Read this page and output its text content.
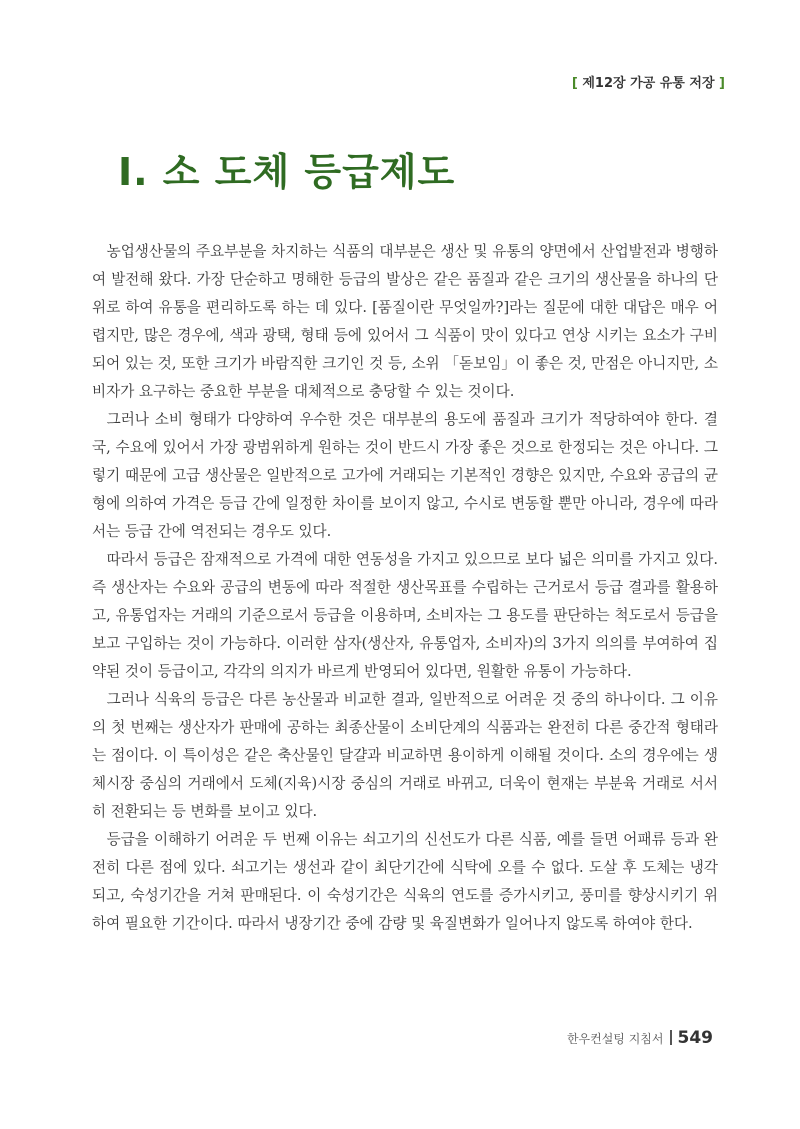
[ 제12장 가공 유통 저장 ]
Ⅰ. 소 도체 등급제도

농업생산물의 주요부분을 차지하는 식품의 대부분은 생산 및 유통의 양면에서 산업발전과 병행하여 발전해 왔다. 가장 단순하고 명해한 등급의 발상은 같은 품질과 같은 크기의 생산물을 하나의 단위로 하여 유통을 편리하도록 하는 데 있다. [품질이란 무엇일까?]라는 질문에 대한 대답은 매우 어렵지만, 많은 경우에, 색과 광택, 형태 등에 있어서 그 식품이 맛이 있다고 연상 시키는 요소가 구비되어 있는 것, 또한 크기가 바람직한 크기인 것 등, 소위 「돋보임」이 좋은 것, 만점은 아니지만, 소비자가 요구하는 중요한 부분을 대체적으로 충당할 수 있는 것이다.

그러나 소비 형태가 다양하여 우수한 것은 대부분의 용도에 품질과 크기가 적당하여야 한다. 결국, 수요에 있어서 가장 광범위하게 원하는 것이 반드시 가장 좋은 것으로 한정되는 것은 아니다. 그렇기 때문에 고급 생산물은 일반적으로 고가에 거래되는 기본적인 경향은 있지만, 수요와 공급의 균형에 의하여 가격은 등급 간에 일정한 차이를 보이지 않고, 수시로 변동할 뿐만 아니라, 경우에 따라서는 등급 간에 역전되는 경우도 있다.

따라서 등급은 잠재적으로 가격에 대한 연동성을 가지고 있으므로 보다 넓은 의미를 가지고 있다. 즉 생산자는 수요와 공급의 변동에 따라 적절한 생산목표를 수립하는 근거로서 등급 결과를 활용하고, 유통업자는 거래의 기준으로서 등급을 이용하며, 소비자는 그 용도를 판단하는 척도로서 등급을 보고 구입하는 것이 가능하다. 이러한 삼자(생산자, 유통업자, 소비자)의 3가지 의의를 부여하여 집약된 것이 등급이고, 각각의 의지가 바르게 반영되어 있다면, 원활한 유통이 가능하다.

그러나 식육의 등급은 다른 농산물과 비교한 결과, 일반적으로 어려운 것 중의 하나이다. 그 이유의 첫 번째는 생산자가 판매에 공하는 최종산물이 소비단계의 식품과는 완전히 다른 중간적 형태라는 점이다. 이 특이성은 같은 축산물인 달걀과 비교하면 용이하게 이해될 것이다. 소의 경우에는 생체시장 중심의 거래에서 도체(지육)시장 중심의 거래로 바뀌고, 더욱이 현재는 부분육 거래로 서서히 전환되는 등 변화를 보이고 있다.

등급을 이해하기 어려운 두 번째 이유는 쇠고기의 신선도가 다른 식품, 예를 들면 어패류 등과 완전히 다른 점에 있다. 쇠고기는 생선과 같이 최단기간에 식탁에 오를 수 없다. 도살 후 도체는 냉각되고, 숙성기간을 거쳐 판매된다. 이 숙성기간은 식육의 연도를 증가시키고, 풍미를 향상시키기 위하여 필요한 기간이다. 따라서 냉장기간 중에 감량 및 육질변화가 일어나지 않도록 하여야 한다.

한우컨설팅 지침서 549
